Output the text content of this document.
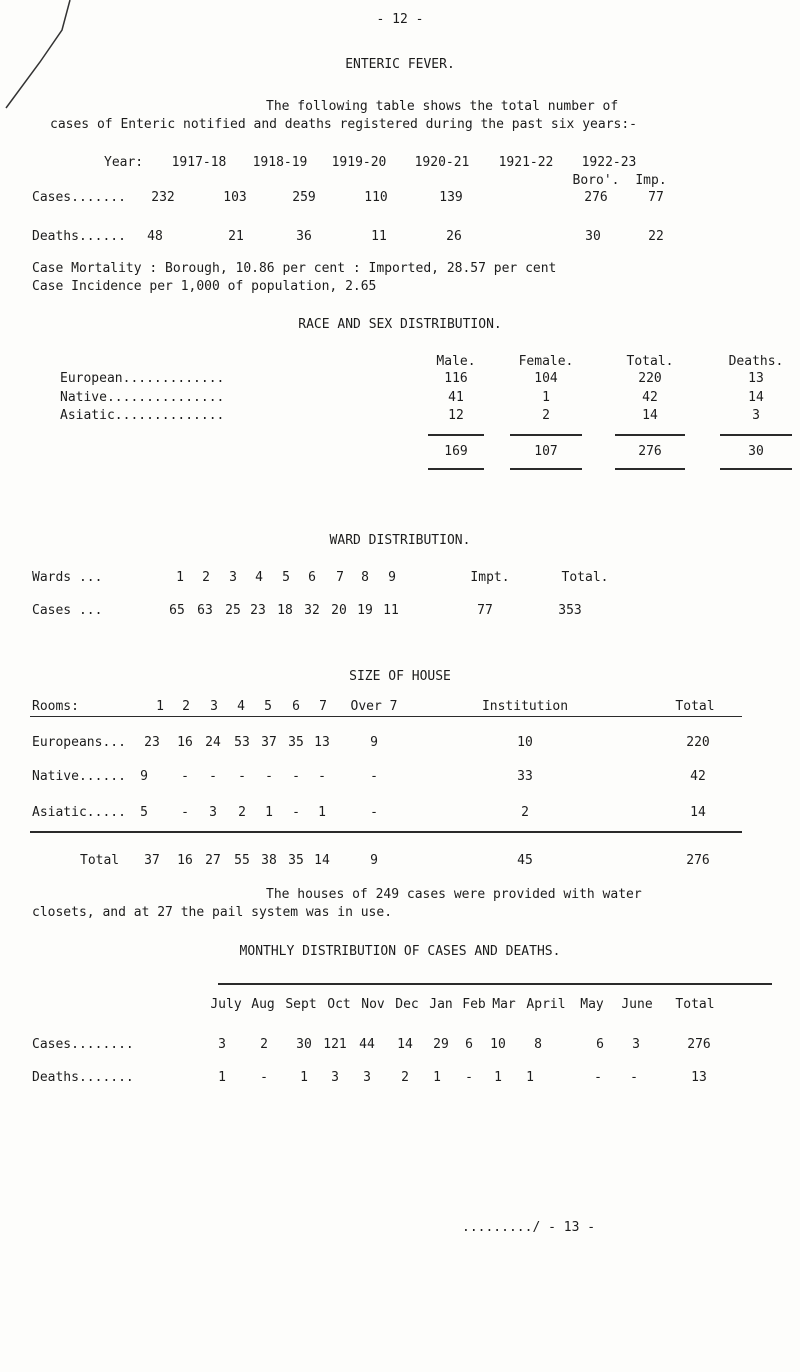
- 12 -
ENTERIC FEVER.
The following table shows the total number of
cases of Enteric notified and deaths registered during the past six years:-
Year:	1917-18	1918-19	1919-20	1920-21	1921-22	1922-23
Boro'.	Imp.
Cases.......	232	103	259	110	139	276	77
Deaths......	48	21	36	11	26	30	22
Case Mortality : Borough, 10.86 per cent : Imported, 28.57 per cent
Case Incidence per 1,000 of population, 2.65
RACE AND SEX DISTRIBUTION.
Male.	Female.	Total.	Deaths.
European.............	116	104	220	13
Native...............	41	1	42	14
Asiatic..............	12	2	14	3
169	107	276	30
WARD DISTRIBUTION.
Wards ...	1	2	3	4	5	6	7	8	9	Impt.	Total.
Cases ...	65 63 25 23 18 32 20 19 11	77	353
SIZE OF HOUSE
Rooms:	1	2	3	4	5	6	7	Over 7	Institution	Total
Europeans...	23	16 24	53 37 35 13	9	10	220
Native......	9	-	-	-	-	-	-	-	33	42
Asiatic.....	5	-	3	2	1	-	1	-	2	14
Total	37	16 27	55 38 35 14	9	45	276
The houses of 249 cases were provided with water
closets, and at 27 the pail system was in use.
MONTHLY DISTRIBUTION OF CASES AND DEATHS.
July Aug Sept Oct Nov Dec Jan Feb Mar April	May	June	Total
Cases........	3	2	30 121 44	14	29	6	10	8	6	3	276
Deaths.......	1	-	1	3	3	2	1	-	1	1	-	-	13
........./ - 13 -
